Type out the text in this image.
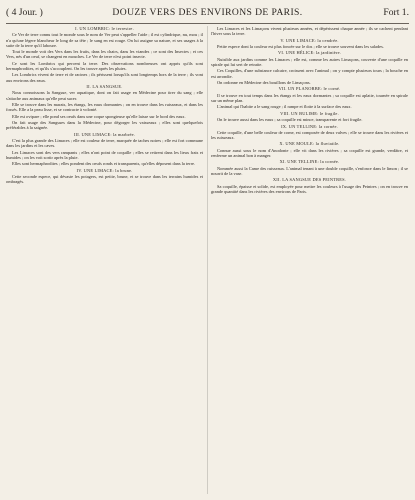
( 4 Jour. )	DOUZE VERS DES ENVIRONS DE PARIS.	Fort 1.

I. UN LOMBRIC: le terrestre.

Ce Ver de terre connu tout le monde sous le nom de Ver peut s'appeller l'aide ; il est cylindrique, nu, mou ; il n'a qu'une légere blancheur le long de sa tête ; le sang en est rouge. On lui assigne sa nature, et ses usages à la suite de la terre qu'il laboure.

Tout le monde voit des Vers dans les fruits, dans les chairs, dans les viandes ; ce sont des Insectes ; et ces Vers, nés d'un oeuf, se changent en mouches. Le Ver de terre n'est point insecte.

Ce sont les Lombrics qui percent la terre. Des observations nombreuses ont appris qu'ils sont hermaphrodites, et qu'ils s'accouplent. On les trouve après les pluies.

Les Lombrics vivent de terre et de racines ; ils périssent lorsqu'ils sont longtemps hors de la terre ; ils vont aux environs des eaux.

II. LA SANGSUE.

Nous connoissons la Sangsue, ver aquatique, dont on fait usage en Médecine pour tirer du sang ; elle s'attache aux animaux qu'elle peut sucer.

Elle se trouve dans les marais, les étangs, les eaux dormantes ; on en trouve dans les ruisseaux, et dans les fossés. Elle a la peau lisse, et se contracte à volonté.

Elle est ovipare ; elle pond ses oeufs dans une coque spongieuse qu'elle laisse sur le bord des eaux.

On fait usage des Sangsues dans la Médecine, pour dégorger les vaisseaux ; elles sont quelquefois préférables à la saignée.

III. UNE LIMACE: la marbrée.

C'est la plus grande des Limaces ; elle est couleur de terre, marquée de taches noires ; elle est fort commune dans les jardins et les caves.

Les Limaces sont des vers rampants ; elles n'ont point de coquille ; elles se retirent dans les lieux frais et humides ; on les voit sortir après la pluie.

Elles sont hermaphrodites ; elles pondent des oeufs ronds et transparents, qu'elles déposent dans la terre.

IV. UNE LIMACE: la brune.

Cette seconde espece, qui dévaste les potagers, est petite, brune, et se trouve dans les terrains humides et ombragés.

Les Limaces et les Limaçons vivent plusieurs années, et dépérissent chaque année ; ils se cachent pendant l'hiver sous la terre.

V. UNE LIMACE: la cendrée.

Petite espece dont la couleur est plus foncée sur le dos ; elle se trouve souvent dans les salades.

VI. UNE HÉLICE: la jardinière.

Nuisible aux jardins comme les Limaces ; elle est, comme les autres Limaçons, couverte d'une coquille en spirale qui lui sert de retraite.

Ces Coquilles, d'une substance calcaire, croissent avec l'animal ; on y compte plusieurs tours ; la bouche en est arrondie.

On ordonne en Médecine des bouillons de Limaçons.

VII. UN PLANORBE: le corné.

Il se trouve en tout temps dans les étangs et les eaux dormantes ; sa coquille est aplatie, tournée en spirale sur un même plan.

L'animal qui l'habite a le sang rouge ; il rampe et flotte à la surface des eaux.

VIII. UN BULIME: le fragile.

On le trouve aussi dans les eaux ; sa coquille est mince, transparente et fort fragile.

IX. UN TELLINE: la cornée.

Cette coquille, d'une belle couleur de corne, est composée de deux valves ; elle se trouve dans les rivières et les ruisseaux.

X. UNE MOULE: la fluviatile.

Connue aussi sous le nom d'Anodonte ; elle vit dans les rivières ; sa coquille est grande, verdâtre, et renferme un animal bon à manger.

XI. UNE TELLINE: la cornée.

Nommée aussi la Came des ruisseaux. L'animal tenant à une double coquille, s'enfonce dans le limon ; il se nourrit de la vase.

XII. LA SANGSUE DES PEINTRES.

Sa coquille, épaisse et solide, est employée pour mettre les couleurs à l'usage des Peintres ; on en trouve en grande quantité dans les rivières des environs de Paris.
